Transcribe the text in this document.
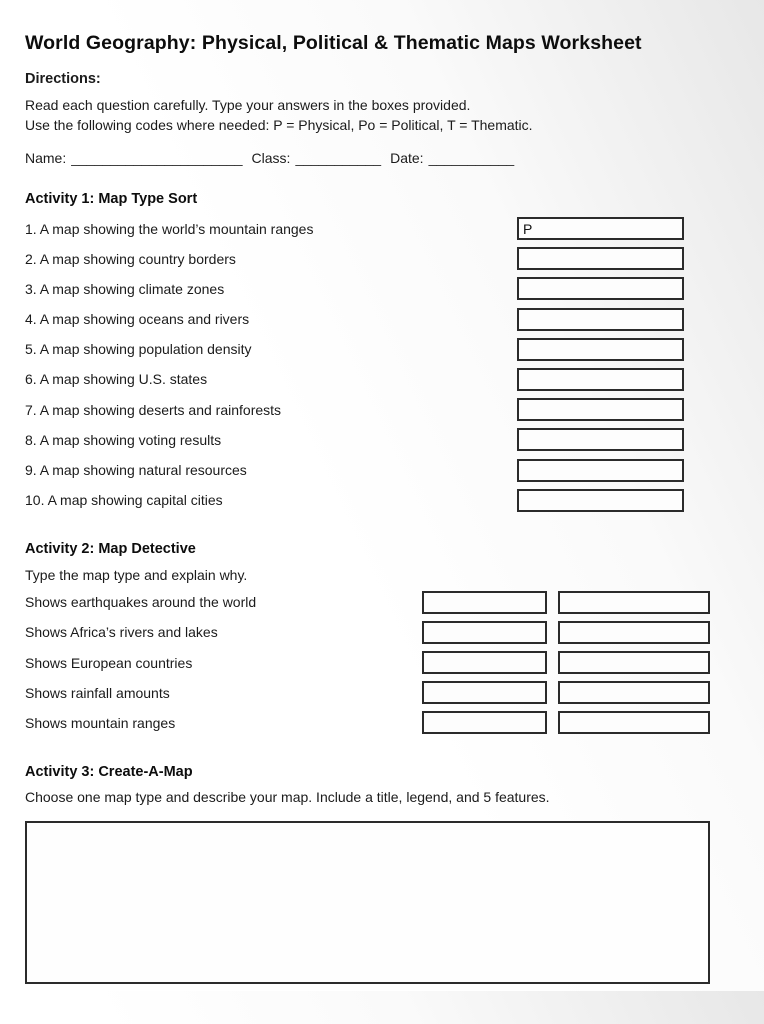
World Geography: Physical, Political & Thematic Maps Worksheet
Directions:
Read each question carefully. Type your answers in the boxes provided.
Use the following codes where needed: P = Physical, Po = Political, T = Thematic.
Name: ______________________ Class: ___________ Date: ___________
Activity 1: Map Type Sort
1. A map showing the world’s mountain ranges
P
2. A map showing country borders
3. A map showing climate zones
4. A map showing oceans and rivers
5. A map showing population density
6. A map showing U.S. states
7. A map showing deserts and rainforests
8. A map showing voting results
9. A map showing natural resources
10. A map showing capital cities
Activity 2: Map Detective
Type the map type and explain why.
Shows earthquakes around the world
Shows Africa’s rivers and lakes
Shows European countries
Shows rainfall amounts
Shows mountain ranges
Activity 3: Create-A-Map
Choose one map type and describe your map. Include a title, legend, and 5 features.
